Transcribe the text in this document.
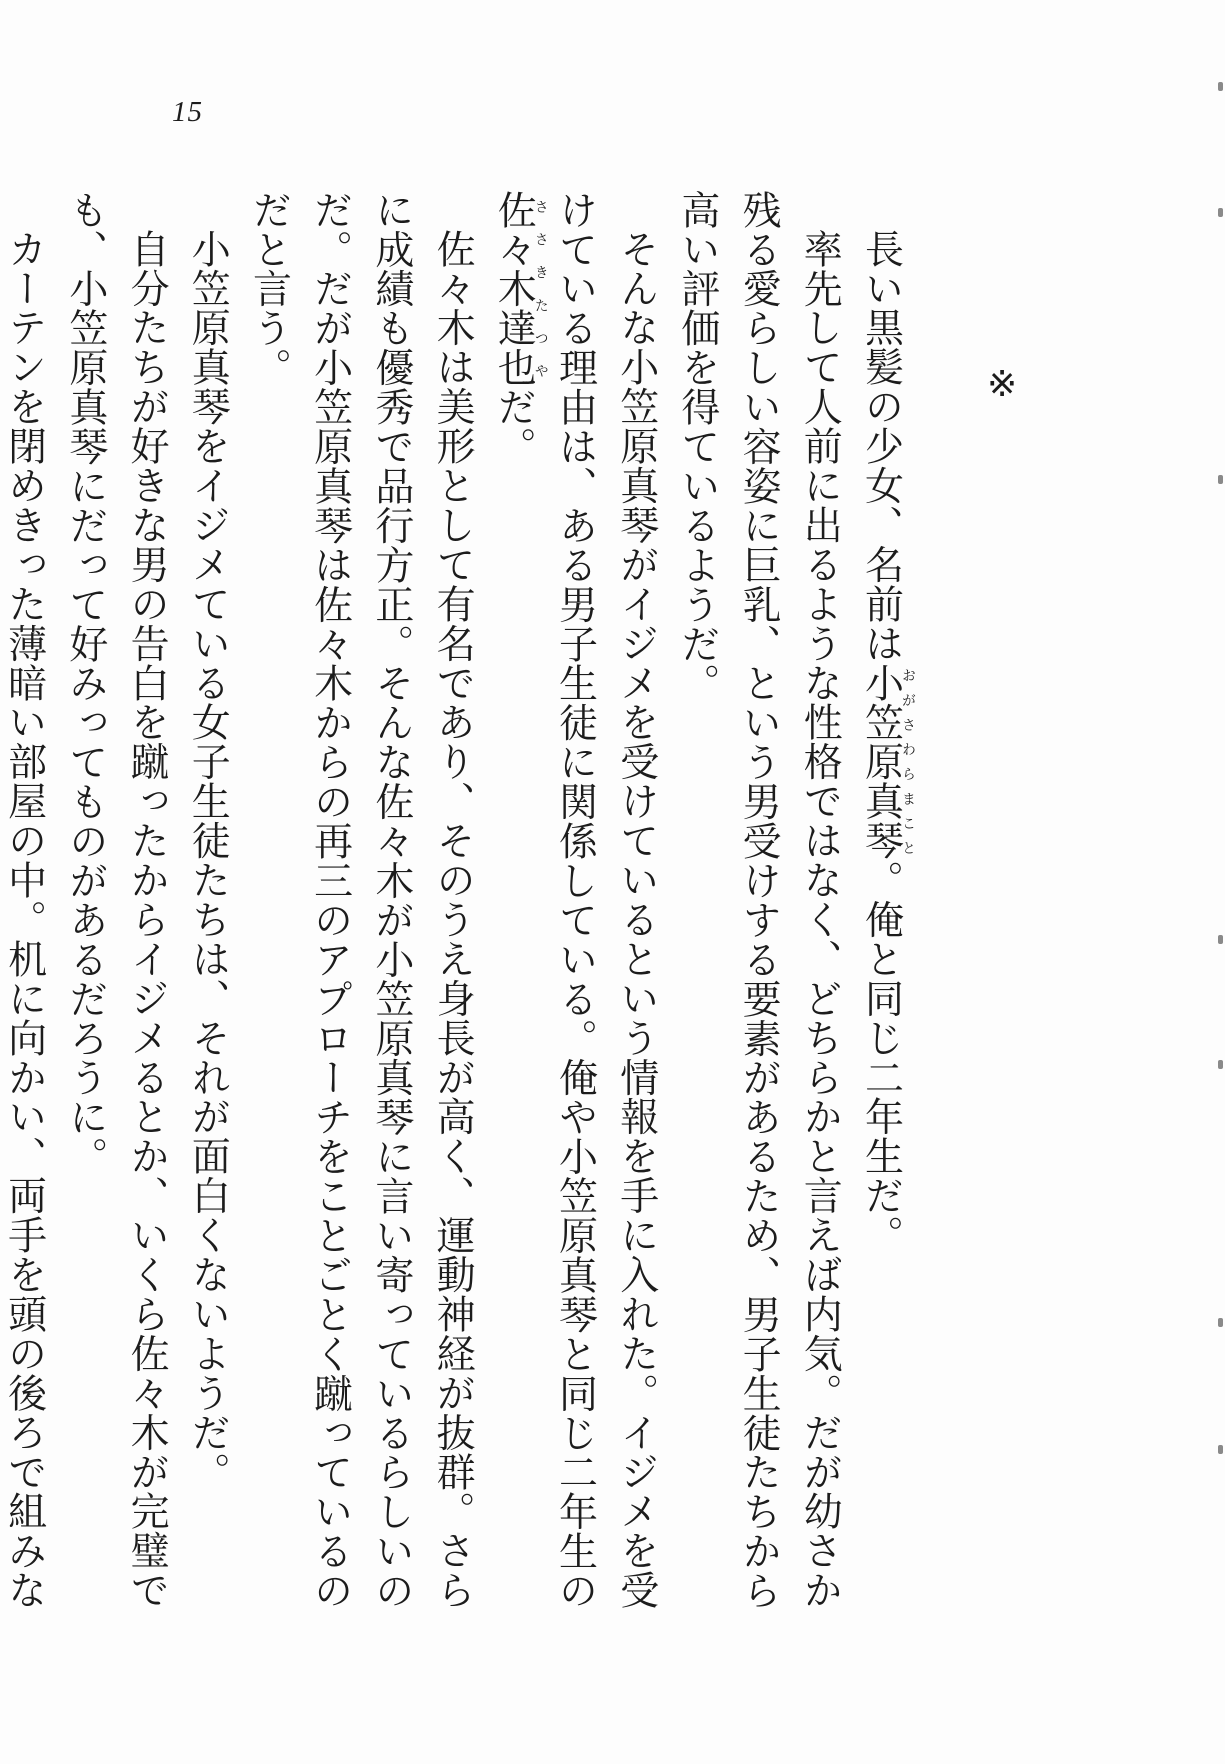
15
※

長い黒髪の少女、名前は小笠原真琴おがさわらまこと。俺と同じ二年生だ。

率先して人前に出るような性格ではなく、どちらかと言えば内気。だが幼さか残る愛らしい容姿に巨乳、という男受けする要素があるため、男子生徒たちから高い評価を得ているようだ。

そんな小笠原真琴がイジメを受けているという情報を手に入れた。イジメを受けている理由は、ある男子生徒に関係している。俺や小笠原真琴と同じ二年生の佐々木達也ささきたつやだ。

佐々木は美形として有名であり、そのうえ身長が高く、運動神経が抜群。さらに成績も優秀で品行方正。そんな佐々木が小笠原真琴に言い寄っているらしいのだ。だが小笠原真琴は佐々木からの再三のアプローチをことごとく蹴っているのだと言う。

小笠原真琴をイジメている女子生徒たちは、それが面白くないようだ。

自分たちが好きな男の告白を蹴ったからイジメるとか、いくら佐々木が完璧でも、小笠原真琴にだって好みってものがあるだろうに。

カーテンを閉めきった薄暗い部屋の中。机に向かい、両手を頭の後ろで組みな
